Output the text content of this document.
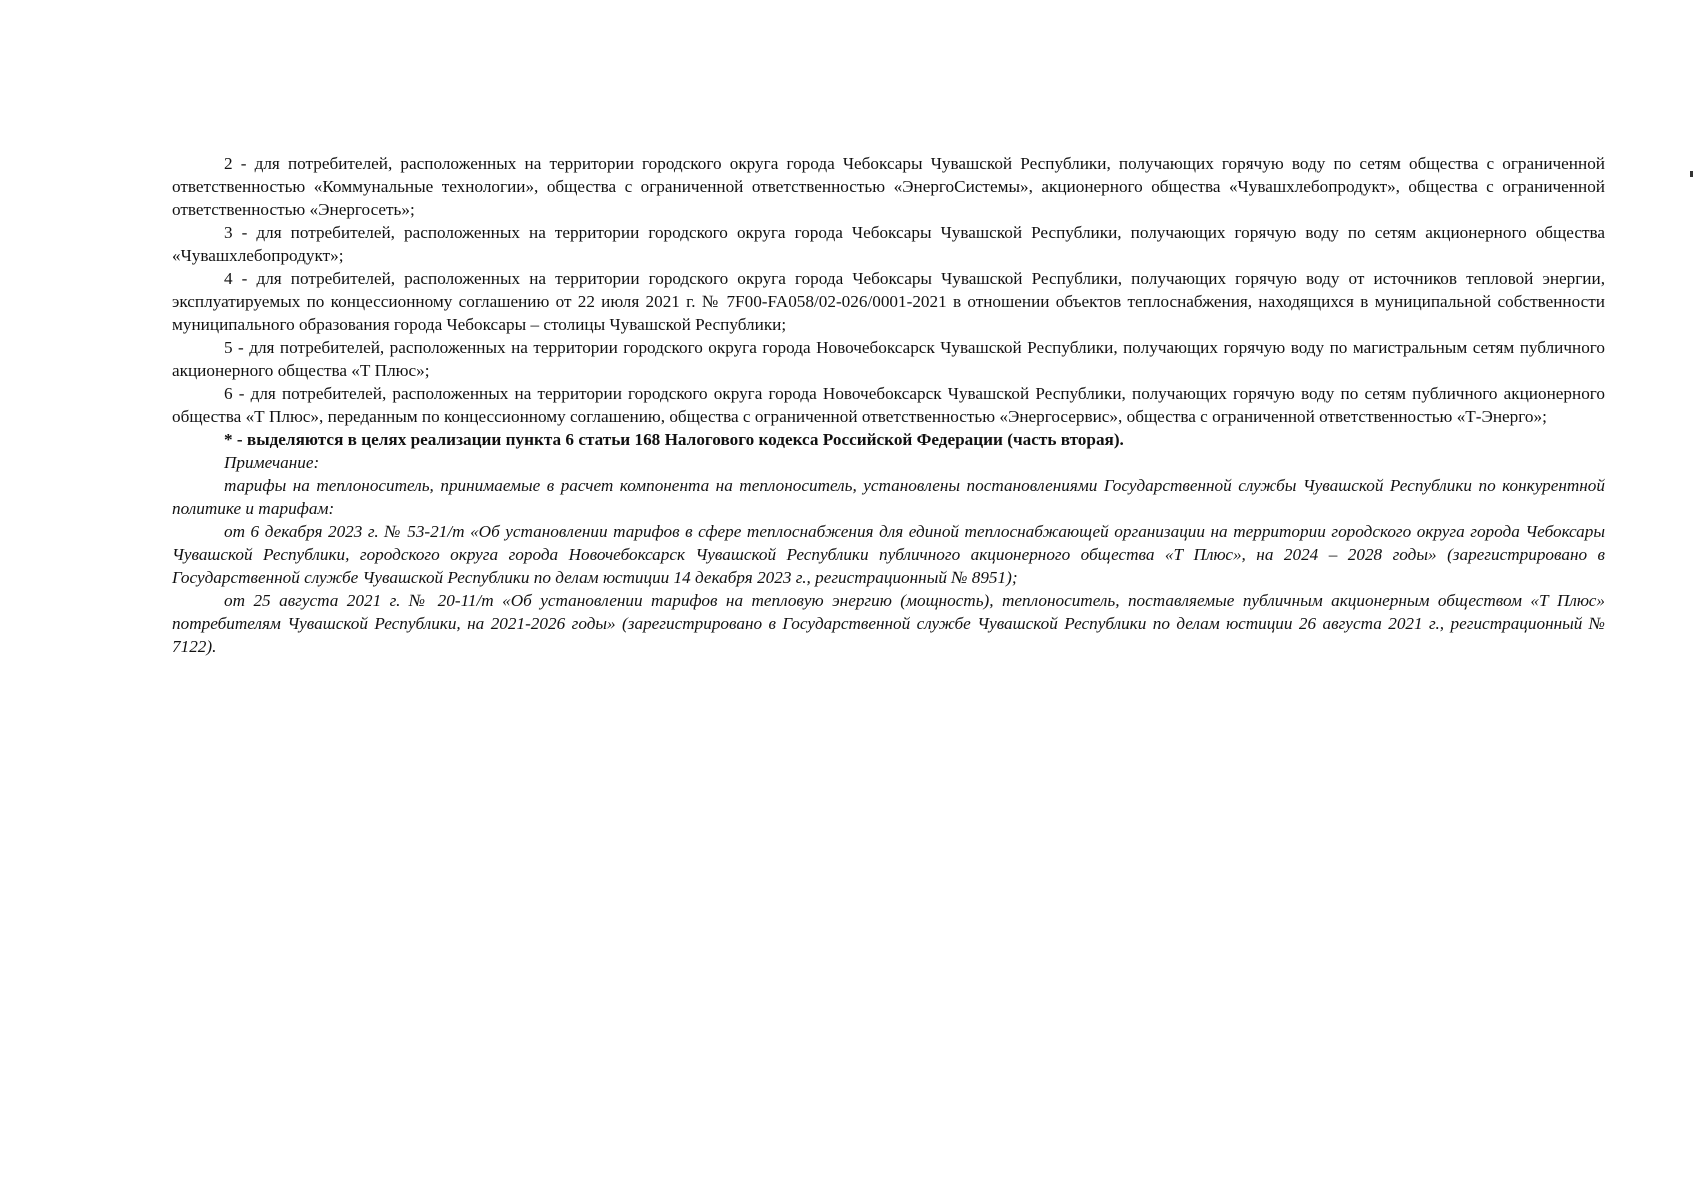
2 - для потребителей, расположенных на территории городского округа города Чебоксары Чувашской Республики, получающих горячую воду по сетям общества с ограниченной ответственностью «Коммунальные технологии», общества с ограниченной ответственностью «ЭнергоСистемы», акционерного общества «Чувашхлебопродукт», общества с ограниченной ответственностью «Энергосеть»;

3 - для потребителей, расположенных на территории городского округа города Чебоксары Чувашской Республики, получающих горячую воду по сетям акционерного общества «Чувашхлебопродукт»;

4 - для потребителей, расположенных на территории городского округа города Чебоксары Чувашской Республики, получающих горячую воду от источников тепловой энергии, эксплуатируемых по концессионному соглашению от 22 июля 2021 г. № 7F00-FA058/02-026/0001-2021 в отношении объектов теплоснабжения, находящихся в муниципальной собственности муниципального образования города Чебоксары – столицы Чувашской Республики;

5 - для потребителей, расположенных на территории городского округа города Новочебоксарск Чувашской Республики, получающих горячую воду по магистральным сетям публичного акционерного общества «Т Плюс»;

6 - для потребителей, расположенных на территории городского округа города Новочебоксарск Чувашской Республики, получающих горячую воду по сетям публичного акционерного общества «Т Плюс», переданным по концессионному соглашению, общества с ограниченной ответственностью «Энергосервис», общества с ограниченной ответственностью «Т-Энерго»;

* - выделяются в целях реализации пункта 6 статьи 168 Налогового кодекса Российской Федерации (часть вторая).

Примечание:

тарифы на теплоноситель, принимаемые в расчет компонента на теплоноситель, установлены постановлениями Государственной службы Чувашской Республики по конкурентной политике и тарифам:

от 6 декабря 2023 г. № 53-21/т «Об установлении тарифов в сфере теплоснабжения для единой теплоснабжающей организации на территории городского округа города Чебоксары Чувашской Республики, городского округа города Новочебоксарск Чувашской Республики публичного акционерного общества «Т Плюс», на 2024 – 2028 годы» (зарегистрировано в Государственной службе Чувашской Республики по делам юстиции 14 декабря 2023 г., регистрационный № 8951);

от 25 августа 2021 г. № 20-11/т «Об установлении тарифов на тепловую энергию (мощность), теплоноситель, поставляемые публичным акционерным обществом «Т Плюс» потребителям Чувашской Республики, на 2021-2026 годы» (зарегистрировано в Государственной службе Чувашской Республики по делам юстиции 26 августа 2021 г., регистрационный № 7122).
